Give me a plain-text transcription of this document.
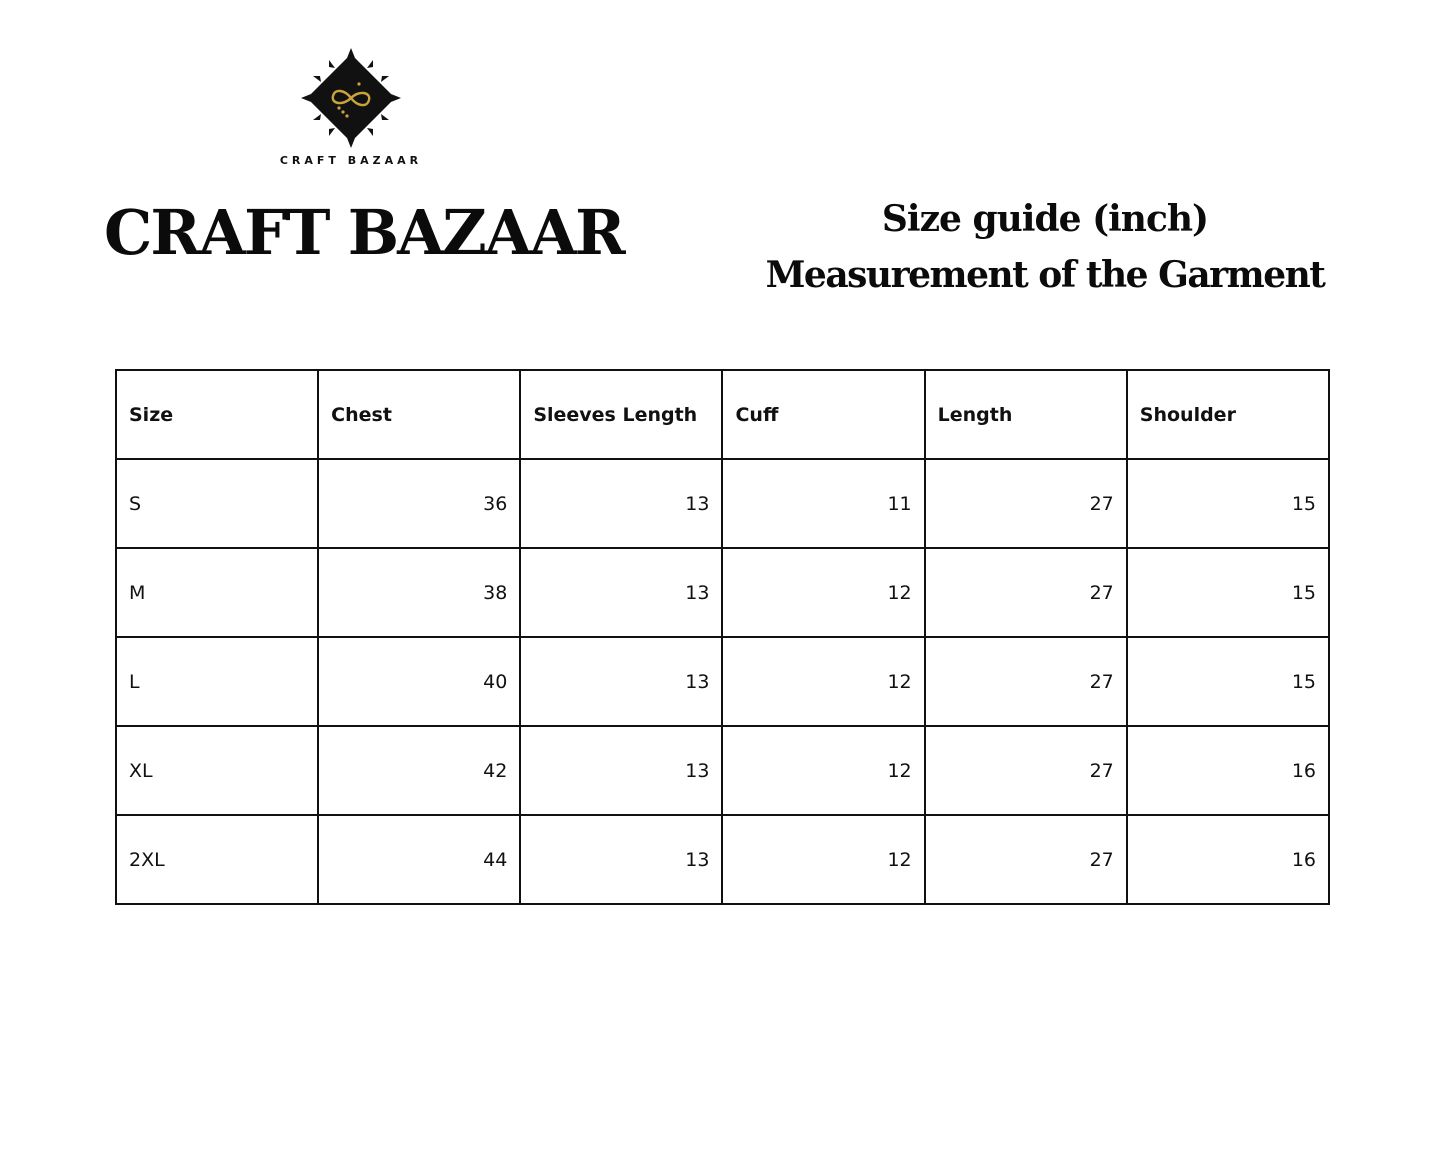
CRAFT BAZAAR
CRAFT BAZAAR	Size guide (inch)
Measurement of the Garment
Size	Chest	Sleeves Length	Cuff	Length	Shoulder
S	36	13	11	27	15
M	38	13	12	27	15
L	40	13	12	27	15
XL	42	13	12	27	16
2XL	44	13	12	27	16
